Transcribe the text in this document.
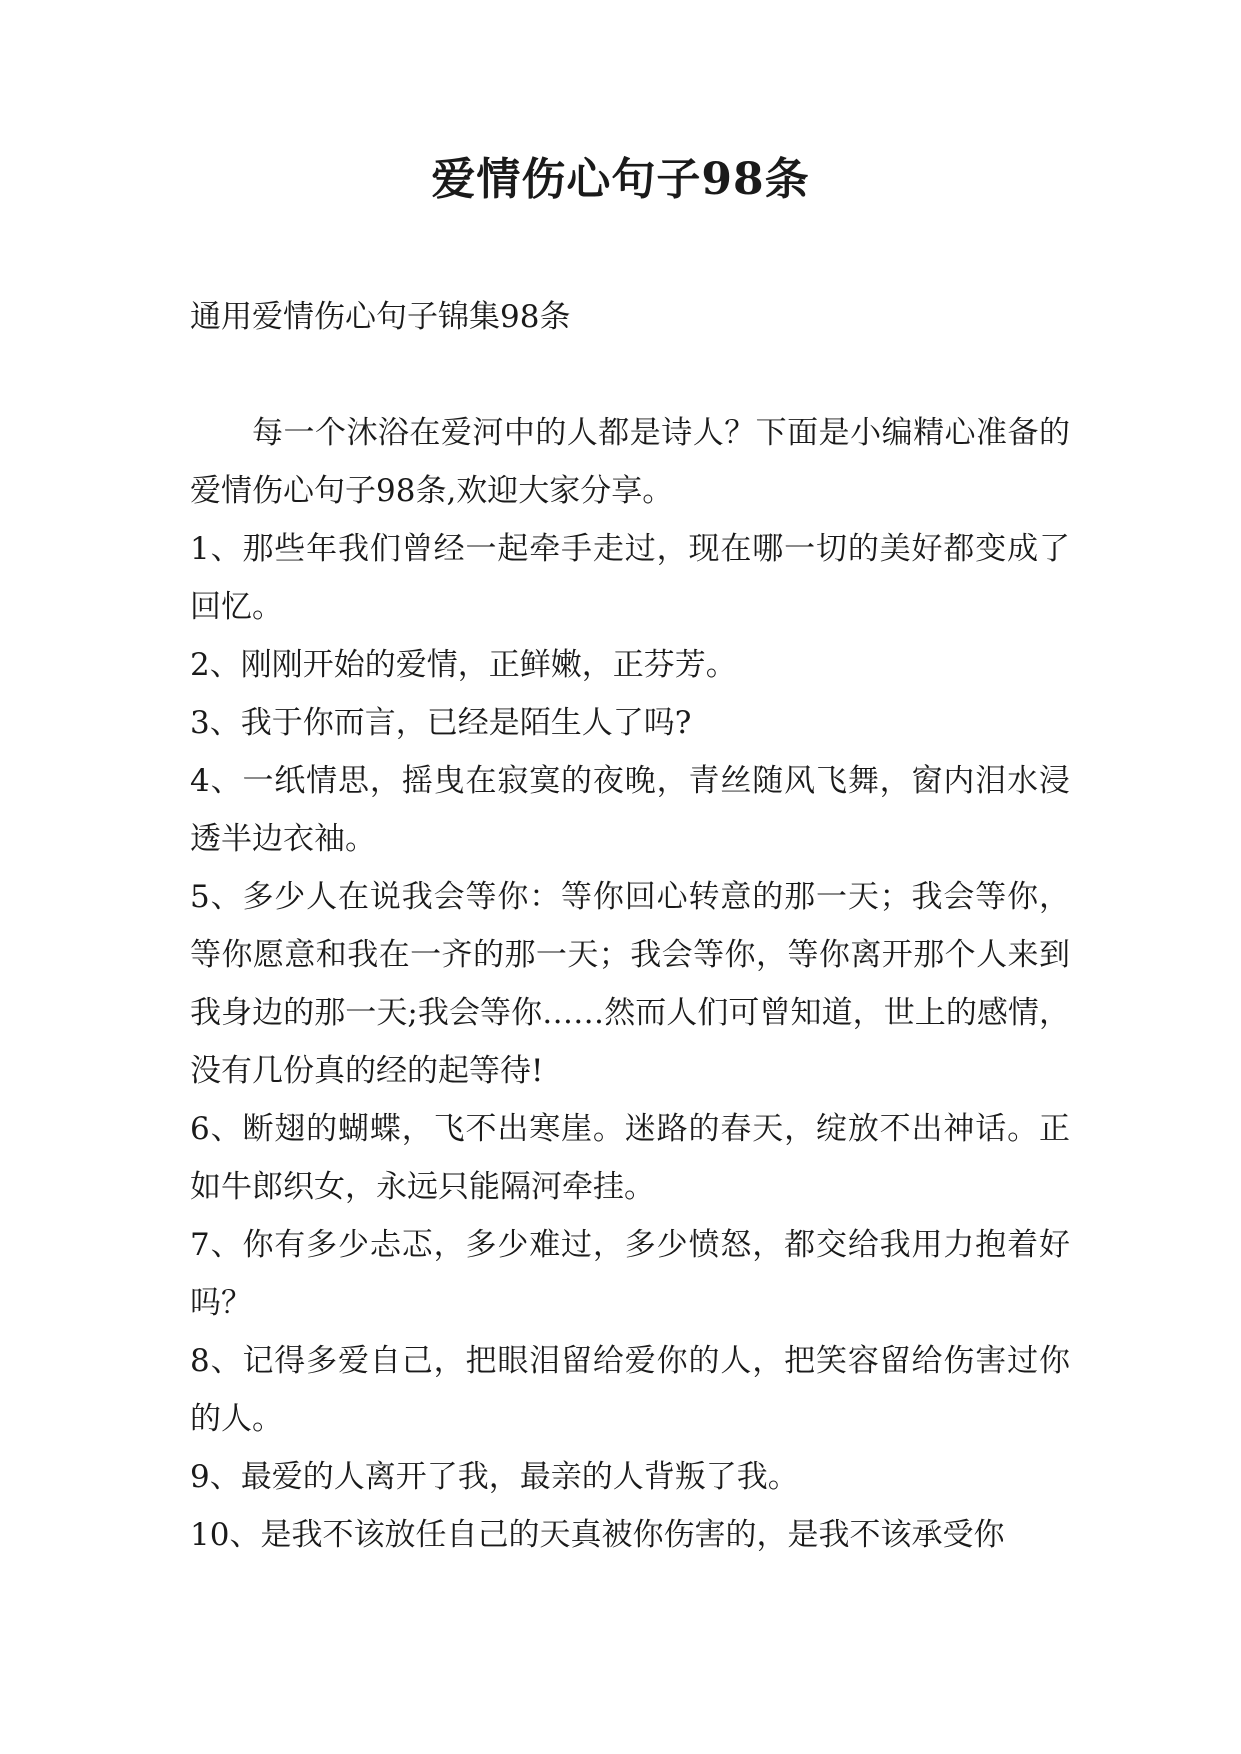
爱情伤心句子98条

通用爱情伤心句子锦集98条

每一个沐浴在爱河中的人都是诗人？下面是小编精心准备的爱情伤心句子98条,欢迎大家分享。

1、那些年我们曾经一起牵手走过，现在哪一切的美好都变成了回忆。

2、刚刚开始的爱情，正鲜嫩，正芬芳。

3、我于你而言，已经是陌生人了吗?

4、一纸情思，摇曳在寂寞的夜晚，青丝随风飞舞，窗内泪水浸透半边衣袖。

5、多少人在说我会等你：等你回心转意的那一天；我会等你，等你愿意和我在一齐的那一天；我会等你，等你离开那个人来到我身边的那一天;我会等你……然而人们可曾知道，世上的感情，没有几份真的经的起等待!

6、断翅的蝴蝶，飞不出寒崖。迷路的春天，绽放不出神话。正如牛郎织女，永远只能隔河牵挂。

7、你有多少忐忑，多少难过，多少愤怒，都交给我用力抱着好吗？

8、记得多爱自己，把眼泪留给爱你的人，把笑容留给伤害过你的人。

9、最爱的人离开了我，最亲的人背叛了我。

10、是我不该放任自己的天真被你伤害的，是我不该承受你
